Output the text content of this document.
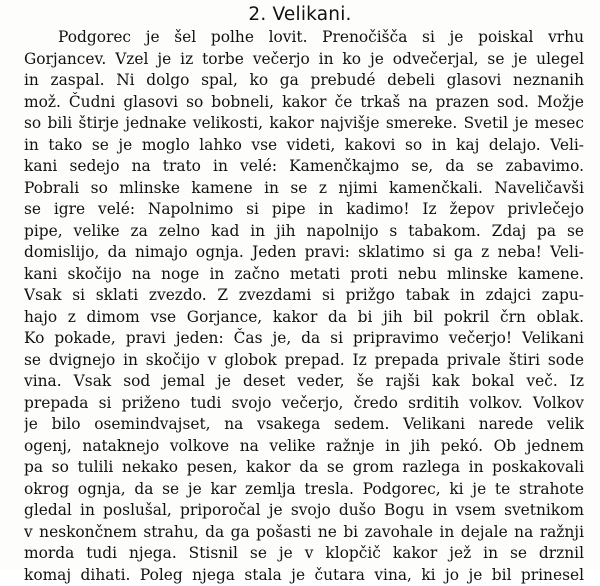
2. Velikani.
Podgorec je šel polhe lovit. Prenočišča si je poiskal vrhu
Gorjancev. Vzel je iz torbe večerjo in ko je odvečerjal, se je ulegel
in zaspal. Ni dolgo spal, ko ga prebudé debeli glasovi neznanih
mož. Čudni glasovi so bobneli, kakor če trkaš na prazen sod. Možje
so bili štirje jednake velikosti, kakor najvišje smereke. Svetil je mesec
in tako se je moglo lahko vse videti, kakovi so in kaj delajo. Veli-
kani sedejo na trato in velé: Kamenčkajmo se, da se zabavimo.
Pobrali so mlinske kamene in se z njimi kamenčkali. Naveličavši
se igre velé: Napolnimo si pipe in kadimo! Iz žepov privlečejo
pipe, velike za zelno kad in jih napolnijo s tabakom. Zdaj pa se
domislijo, da nimajo ognja. Jeden pravi: sklatimo si ga z neba! Veli-
kani skočijo na noge in začno metati proti nebu mlinske kamene.
Vsak si sklati zvezdo. Z zvezdami si prižgo tabak in zdajci zapu-
hajo z dimom vse Gorjance, kakor da bi jih bil pokril črn oblak.
Ko pokade, pravi jeden: Čas je, da si pripravimo večerjo! Velikani
se dvignejo in skočijo v globok prepad. Iz prepada privale štiri sode
vina. Vsak sod jemal je deset veder, še rajši kak bokal več. Iz
prepada si priženo tudi svojo večerjo, čredo srditih volkov. Volkov
je bilo osemindvajset, na vsakega sedem. Velikani narede velik
ogenj, nataknejo volkove na velike ražnje in jih pekó. Ob jednem
pa so tulili nekako pesen, kakor da se grom razlega in poskakovali
okrog ognja, da se je kar zemlja tresla. Podgorec, ki je te strahote
gledal in poslušal, priporočal je svojo dušo Bogu in vsem svetnikom
v neskončnem strahu, da ga pošasti ne bi zavohale in dejale na ražnji
morda tudi njega. Stisnil se je v klopčič kakor jež in se drznil
komaj dihati. Poleg njega stala je čutara vina, ki jo je bil prinesel
